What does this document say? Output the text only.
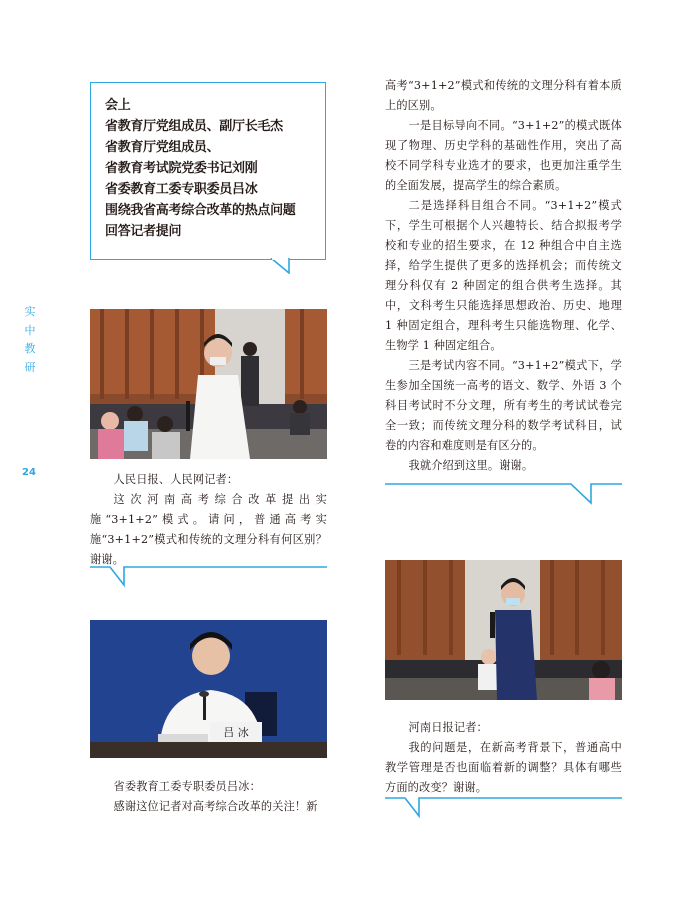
会上
省教育厅党组成员、副厅长毛杰
省教育厅党组成员、
省教育考试院党委书记刘刚
省委教育工委专职委员吕冰
围绕我省高考综合改革的热点问题
回答记者提问
实
中
教
研
24

人民日报、人民网记者：

这次河南高考综合改革提出实施“3+1+2”模式。请问，普通高考实施“3+1+2”模式和传统的文理分科有何区别？谢谢。

吕 冰

省委教育工委专职委员吕冰：

感谢这位记者对高考综合改革的关注！新

高考“3+1+2”模式和传统的文理分科有着本质上的区别。

一是目标导向不同。“3+1+2”的模式既体现了物理、历史学科的基础性作用，突出了高校不同学科专业选才的要求，也更加注重学生的全面发展，提高学生的综合素质。

二是选择科目组合不同。“3+1+2”模式下，学生可根据个人兴趣特长、结合拟报考学校和专业的招生要求，在 12 种组合中自主选择，给学生提供了更多的选择机会；而传统文理分科仅有 2 种固定的组合供考生选择。其中，文科考生只能选择思想政治、历史、地理 1 种固定组合，理科考生只能选物理、化学、生物学 1 种固定组合。

三是考试内容不同。“3+1+2”模式下，学生参加全国统一高考的语文、数学、外语 3 个科目考试时不分文理，所有考生的考试试卷完全一致；而传统文理分科的数学考试科目，试卷的内容和难度则是有区分的。

我就介绍到这里。谢谢。

河南日报记者：

我的问题是，在新高考背景下，普通高中教学管理是否也面临着新的调整？具体有哪些方面的改变？谢谢。
